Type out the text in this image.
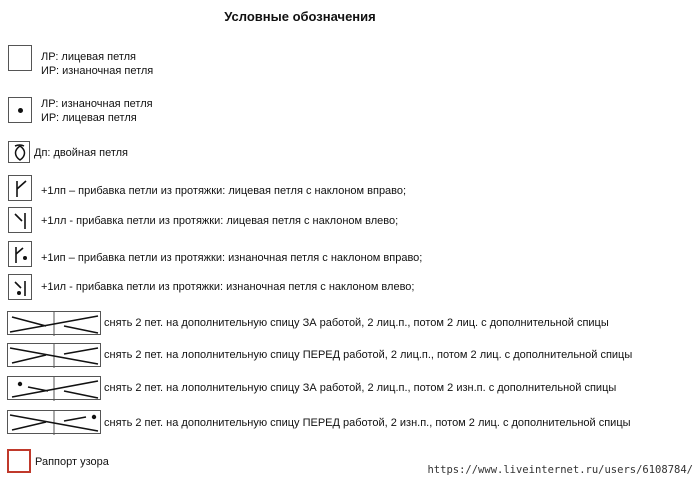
Условные обозначения
ЛР: лицевая петля
ИР: изнаночная петля
ЛР: изнаночная петля
ИР: лицевая петля
Дп: двойная петля
+1лп – прибавка петли из протяжки: лицевая петля с наклоном вправо;
+1лл - прибавка петли из протяжки: лицевая петля с наклоном влево;
+1ип – прибавка петли из протяжки: изнаночная петля с наклоном вправо;
+1ил - прибавка петли из протяжки: изнаночная петля с наклоном влево;
снять 2 пет. на дополнительную спицу ЗА работой, 2 лиц.п., потом 2 лиц. с дополнительной спицы
снять 2 пет. на лополнительную спицу ПЕРЕД работой, 2 лиц.п., потом 2 лиц. с дополнительной спицы
снять 2 пет. на лополнительную спицу ЗА работой, 2 лиц.п., потом 2 изн.п. с дополнительной спицы
снять 2 пет. на дополнительную спицу ПЕРЕД работой, 2 изн.п., потом 2 лиц. с дополнительной спицы
Раппорт узора
https://www.liveinternet.ru/users/6108784/
